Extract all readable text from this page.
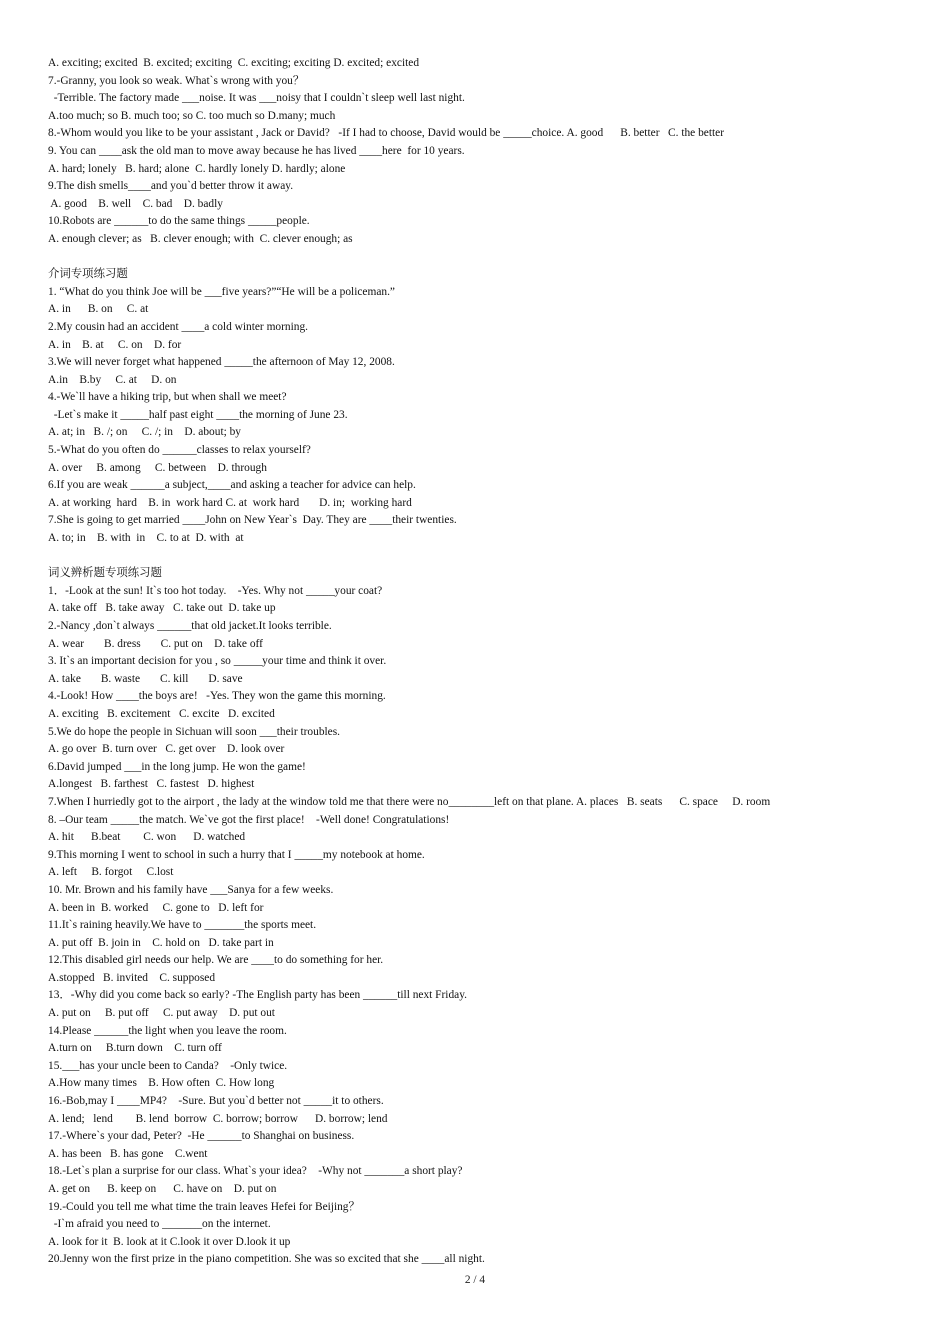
A. exciting; excited  B. excited; exciting  C. exciting; exciting D. excited; excited
7.-Granny, you look so weak. What`s wrong with you？
-Terrible. The factory made ___noise. It was ___noisy that I couldn`t sleep well last night.
A.too much; so B. much too; so C. too much so D.many; much
8.-Whom would you like to be your assistant , Jack or David?   -If I had to choose, David would be _____choice. A. good      B. better   C. the better
9. You can ____ask the old man to move away because he has lived ____here  for 10 years.
A. hard; lonely   B. hard; alone  C. hardly lonely D. hardly; alone
9.The dish smells____and you`d better throw it away.
A. good    B. well    C. bad    D. badly
10.Robots are ______to do the same things _____people.
A. enough clever; as   B. clever enough; with  C. clever enough; as
介词专项练习题
1. “What do you think Joe will be ___five years?”“He will be a policeman.”
A. in      B. on     C. at
2.My cousin had an accident ____a cold winter morning.
A. in    B. at     C. on    D. for
3.We will never forget what happened _____the afternoon of May 12, 2008.
A.in    B.by     C. at     D. on
4.-We`ll have a hiking trip, but when shall we meet?
-Let`s make it _____half past eight ____the morning of June 23.
A. at; in   B. /; on     C. /; in    D. about; by
5.-What do you often do ______classes to relax yourself?
A. over     B. among     C. between    D. through
6.If you are weak ______a subject,____and asking a teacher for advice can help.
A. at working  hard    B. in  work hard C. at  work hard       D. in;  working hard
7.She is going to get married ____John on New Year`s  Day. They are ____their twenties.
A. to; in    B. with  in    C. to at  D. with  at
词义辨析题专项练习题
1．-Look at the sun! It`s too hot today.    -Yes. Why not _____your coat?
A. take off   B. take away   C. take out  D. take up
2.-Nancy ,don`t always ______that old jacket.It looks terrible.
A. wear       B. dress       C. put on    D. take off
3. It`s an important decision for you , so _____your time and think it over.
A. take       B. waste       C. kill       D. save
4.-Look! How ____the boys are!   -Yes. They won the game this morning.
A. exciting   B. excitement   C. excite   D. excited
5.We do hope the people in Sichuan will soon ___their troubles.
A. go over  B. turn over   C. get over    D. look over
6.David jumped ___in the long jump. He won the game!
A.longest   B. farthest   C. fastest   D. highest
7.When I hurriedly got to the airport , the lady at the window told me that there were no________left on that plane. A. places   B. seats      C. space     D. room
8. –Our team _____the match. We`ve got the first place!    -Well done! Congratulations!
A. hit      B.beat        C. won      D. watched
9.This morning I went to school in such a hurry that I _____my notebook at home.
A. left     B. forgot     C.lost
10. Mr. Brown and his family have ___Sanya for a few weeks.
A. been in  B. worked     C. gone to   D. left for
11.It`s raining heavily.We have to _______the sports meet.
A. put off  B. join in    C. hold on   D. take part in
12.This disabled girl needs our help. We are ____to do something for her.
A.stopped   B. invited    C. supposed
13．-Why did you come back so early? -The English party has been ______till next Friday.
A. put on     B. put off     C. put away    D. put out
14.Please ______the light when you leave the room.
A.turn on     B.turn down    C. turn off
15.___has your uncle been to Canda?    -Only twice.
A.How many times    B. How often  C. How long
16.-Bob,may I ____MP4?    -Sure. But you`d better not _____it to others.
A. lend;   lend        B. lend  borrow  C. borrow; borrow      D. borrow; lend
17.-Where`s your dad, Peter?  -He ______to Shanghai on business.
A. has been   B. has gone    C.went
18.-Let`s plan a surprise for our class. What`s your idea?    -Why not _______a short play?
A. get on      B. keep on      C. have on    D. put on
19.-Could you tell me what time the train leaves Hefei for Beijing？
-I`m afraid you need to _______on the internet.
A. look for it  B. look at it C.look it over D.look it up
20.Jenny won the first prize in the piano competition. She was so excited that she ____all night.
2 / 4
